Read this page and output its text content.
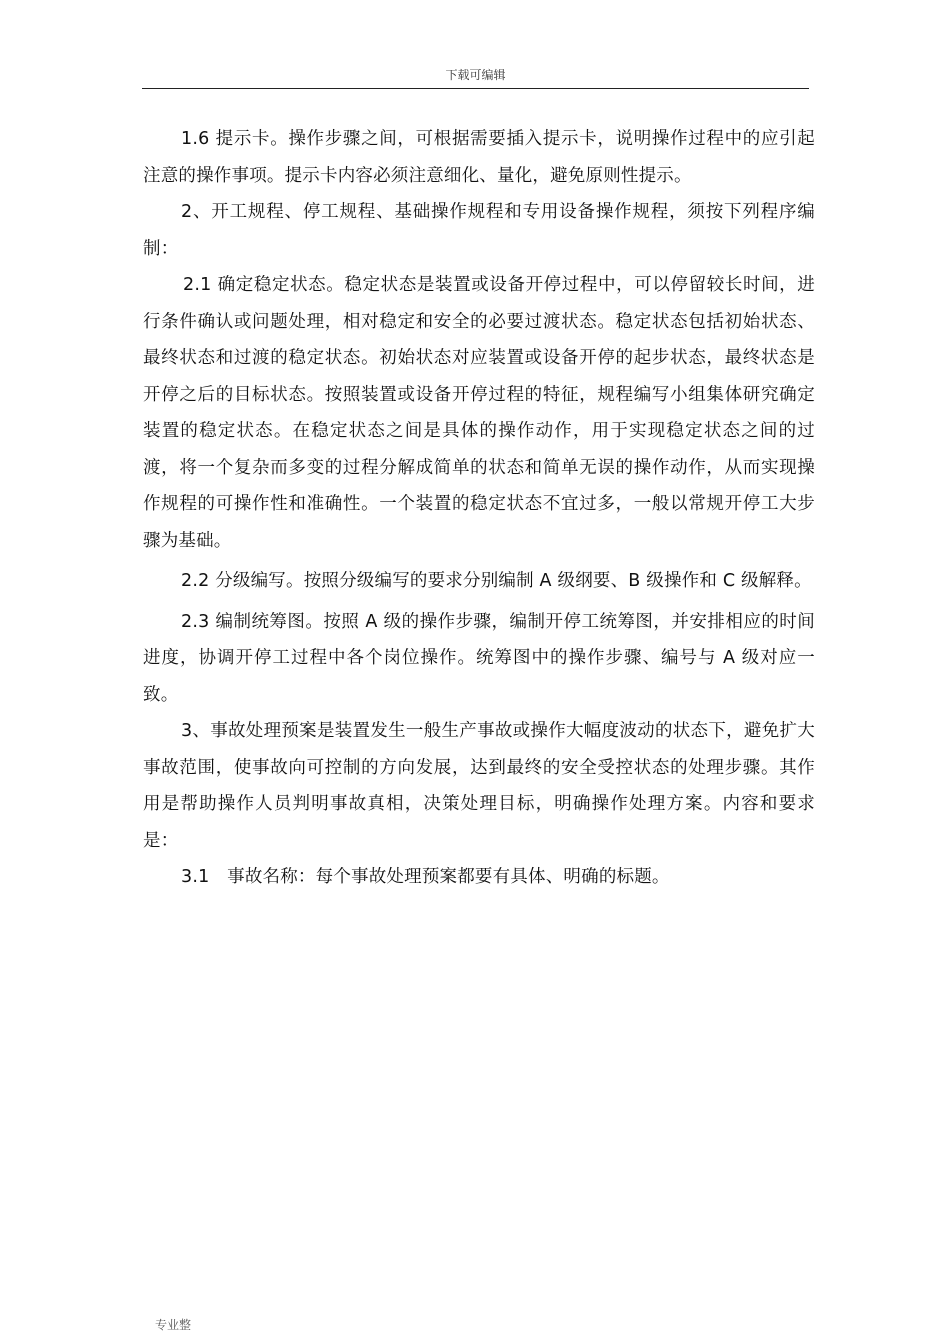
下载可编辑

1.6 提示卡。操作步骤之间，可根据需要插入提示卡，说明操作过程中的应引起注意的操作事项。提示卡内容必须注意细化、量化，避免原则性提示。

2、开工规程、停工规程、基础操作规程和专用设备操作规程，须按下列程序编制：

2.1 确定稳定状态。稳定状态是装置或设备开停过程中，可以停留较长时间，进行条件确认或问题处理，相对稳定和安全的必要过渡状态。稳定状态包括初始状态、最终状态和过渡的稳定状态。初始状态对应装置或设备开停的起步状态，最终状态是开停之后的目标状态。按照装置或设备开停过程的特征，规程编写小组集体研究确定装置的稳定状态。在稳定状态之间是具体的操作动作，用于实现稳定状态之间的过渡，将一个复杂而多变的过程分解成简单的状态和简单无误的操作动作，从而实现操作规程的可操作性和准确性。一个装置的稳定状态不宜过多，一般以常规开停工大步骤为基础。

2.2 分级编写。按照分级编写的要求分别编制 A 级纲要、B 级操作和 C 级解释。

2.3 编制统筹图。按照 A 级的操作步骤，编制开停工统筹图，并安排相应的时间进度，协调开停工过程中各个岗位操作。统筹图中的操作步骤、编号与 A 级对应一致。

3、事故处理预案是装置发生一般生产事故或操作大幅度波动的状态下，避免扩大事故范围，使事故向可控制的方向发展，达到最终的安全受控状态的处理步骤。其作用是帮助操作人员判明事故真相，决策处理目标，明确操作处理方案。内容和要求是：

3.1　事故名称：每个事故处理预案都要有具体、明确的标题。

专业整
